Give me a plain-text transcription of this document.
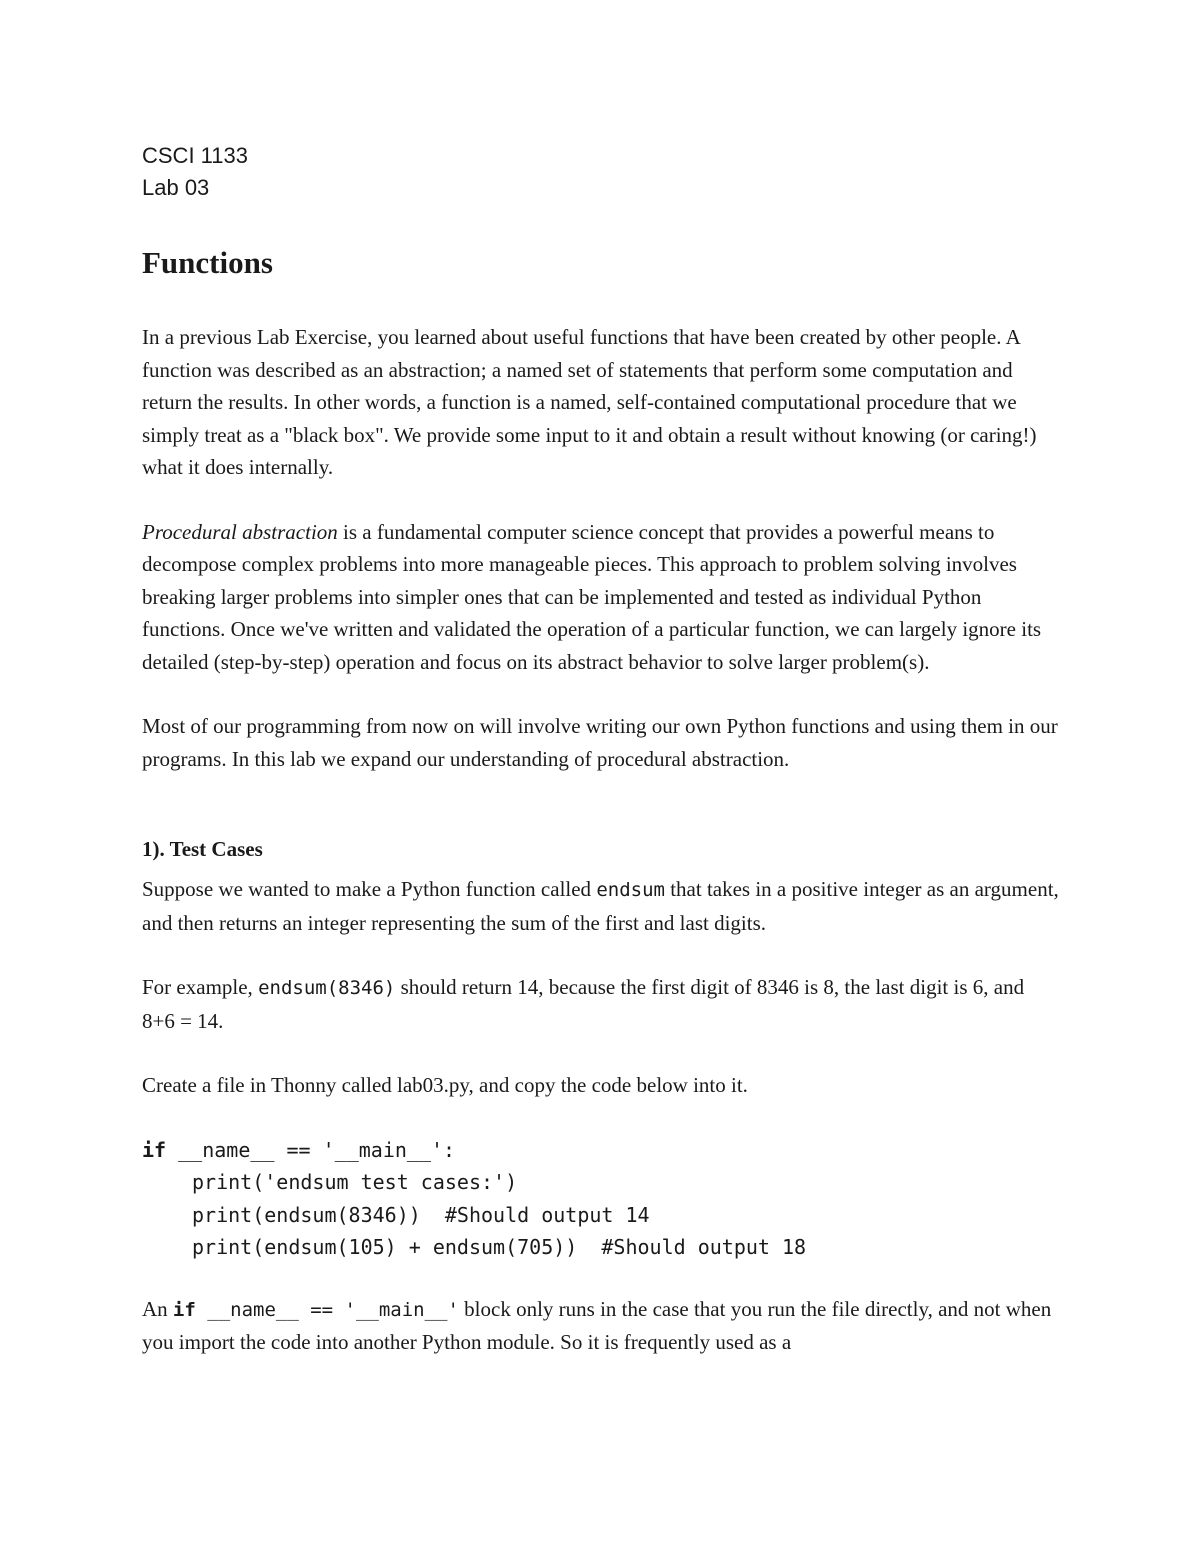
CSCI 1133

Lab 03

Functions

In a previous Lab Exercise, you learned about useful functions that have been created by other people. A function was described as an abstraction; a named set of statements that perform some computation and return the results. In other words, a function is a named, self-contained computational procedure that we simply treat as a "black box". We provide some input to it and obtain a result without knowing (or caring!) what it does internally.

Procedural abstraction is a fundamental computer science concept that provides a powerful means to decompose complex problems into more manageable pieces. This approach to problem solving involves breaking larger problems into simpler ones that can be implemented and tested as individual Python functions. Once we've written and validated the operation of a particular function, we can largely ignore its detailed (step-by-step) operation and focus on its abstract behavior to solve larger problem(s).

Most of our programming from now on will involve writing our own Python functions and using them in our programs. In this lab we expand our understanding of procedural abstraction.

1). Test Cases

Suppose we wanted to make a Python function called endsum that takes in a positive integer as an argument, and then returns an integer representing the sum of the first and last digits.

For example, endsum(8346) should return 14, because the first digit of 8346 is 8, the last digit is 6, and 8+6 = 14.

Create a file in Thonny called lab03.py, and copy the code below into it.

if __name__ == '__main__':
print('endsum test cases:')
print(endsum(8346))  #Should output 14
print(endsum(105) + endsum(705))  #Should output 18

An if __name__ == '__main__' block only runs in the case that you run the file directly, and not when you import the code into another Python module. So it is frequently used as a
